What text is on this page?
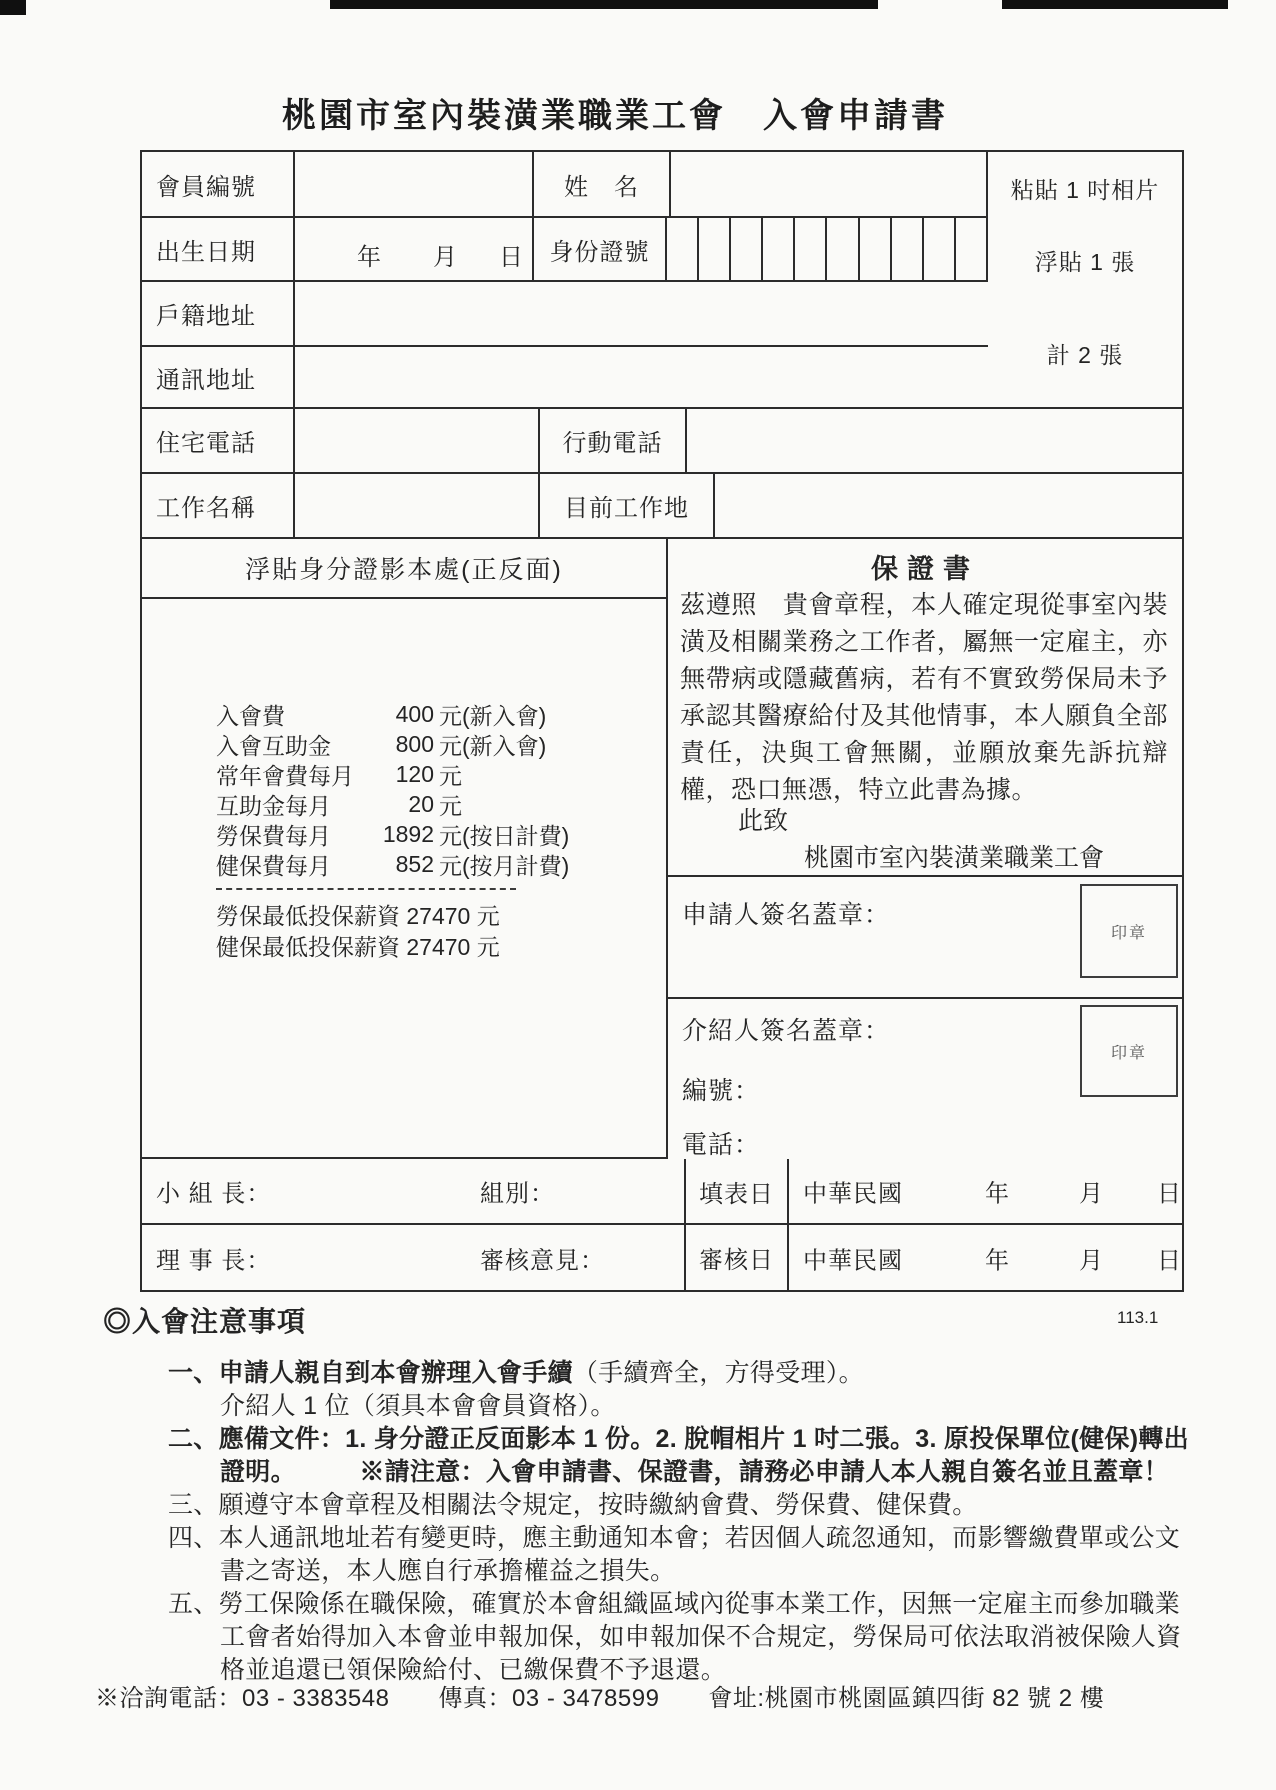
桃園市室內裝潢業職業工會　入會申請書
會員編號	姓　名	粘貼 1 吋相片
浮貼 1 張
計 2 張
出生日期	年 月 日	身份證號
戶籍地址
通訊地址
住宅電話	行動電話
工作名稱	目前工作地
浮貼身分證影本處(正反面)
入會費	400 元(新入會)
入會互助金	800 元(新入會)
常年會費每月	120 元
互助金每月	20 元
勞保費每月	1892 元(按日計費)
健保費每月	852 元(按月計費)
勞保最低投保薪資 27470 元
健保最低投保薪資 27470 元
保證書
茲遵照　貴會章程，本人確定現從事室內裝潢及相關業務之工作者，屬無一定雇主，亦無帶病或隱藏舊病，若有不實致勞保局未予承認其醫療給付及其他情事，本人願負全部責任，決與工會無關，並願放棄先訴抗辯權，恐口無憑，特立此書為據。
此致
桃園市室內裝潢業職業工會
申請人簽名蓋章：
印章
介紹人簽名蓋章：
編號：
電話：
印章
小 組 長：	組別：	填表日	中華民國	年	月 日
理 事 長：	審核意見：	審核日	中華民國	年	月 日
◎入會注意事項	113.1
一、申請人親自到本會辦理入會手續（手續齊全，方得受理）。
介紹人 1 位（須具本會會員資格）。
二、應備文件：1. 身分證正反面影本 1 份。2. 脫帽相片 1 吋二張。3. 原投保單位(健保)轉出
證明。　　　	※請注意：入會申請書、保證書，請務必申請人本人親自簽名並且蓋章！
三、願遵守本會章程及相關法令規定，按時繳納會費、勞保費、健保費。
四、本人通訊地址若有變更時，應主動通知本會；若因個人疏忽通知，而影響繳費單或公文
書之寄送，本人應自行承擔權益之損失。
五、勞工保險係在職保險，確實於本會組織區域內從事本業工作，因無一定雇主而參加職業
工會者始得加入本會並申報加保，如申報加保不合規定，勞保局可依法取消被保險人資
格並追還已領保險給付、已繳保費不予退還。
※洽詢電話：03 - 3383548　　傳真：03 - 3478599　　會址:桃園市桃園區鎮四街 82 號 2 樓
